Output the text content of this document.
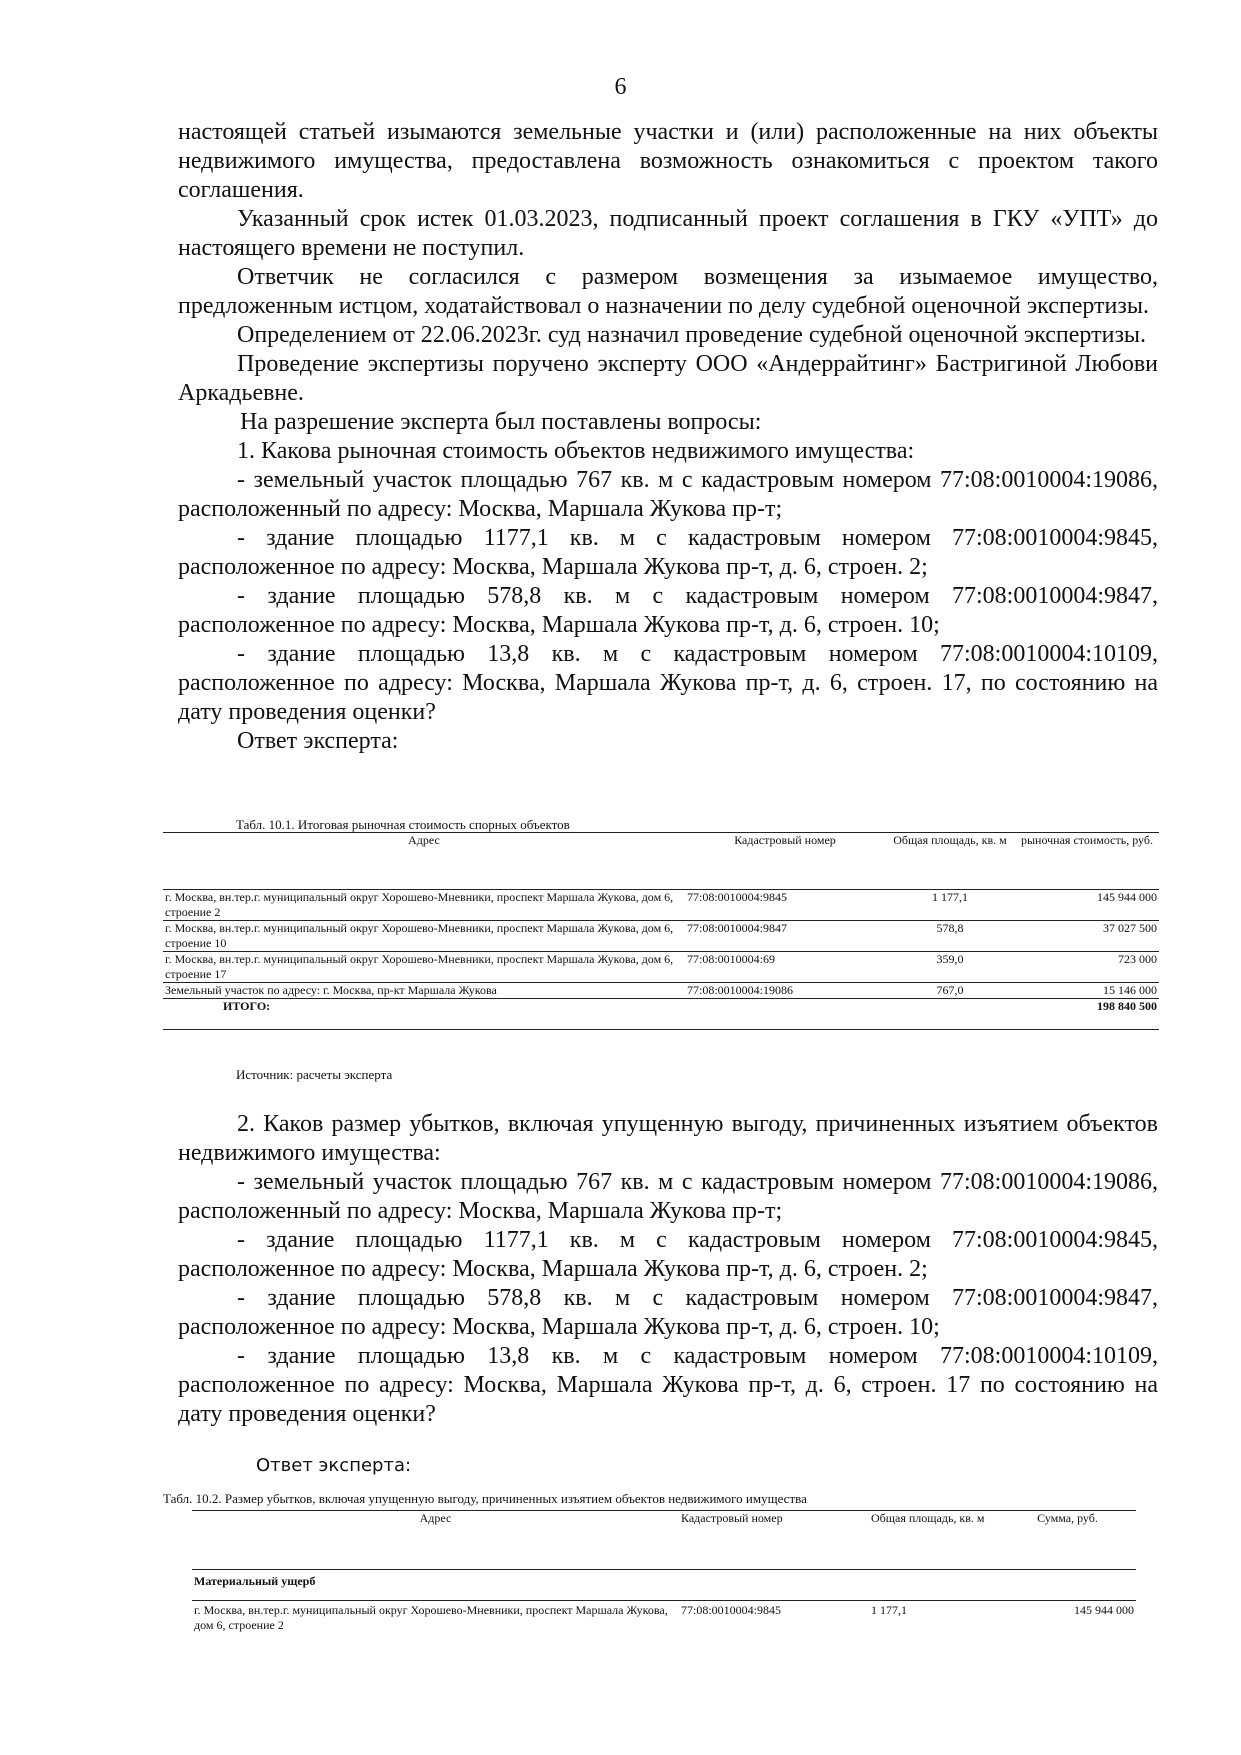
6

настоящей статьей изымаются земельные участки и (или) расположенные на них объекты недвижимого имущества, предоставлена возможность ознакомиться с проектом такого соглашения.

Указанный срок истек 01.03.2023, подписанный проект соглашения в ГКУ «УПТ» до настоящего времени не поступил.

Ответчик не согласился с размером возмещения за изымаемое имущество, предложенным истцом, ходатайствовал о назначении по делу судебной оценочной экспертизы.

Определением от 22.06.2023г. суд назначил проведение судебной оценочной экспертизы.

Проведение экспертизы поручено эксперту ООО «Андеррайтинг» Бастригиной Любови Аркадьевне.

На разрешение эксперта был поставлены вопросы:

1. Какова рыночная стоимость объектов недвижимого имущества:

- земельный участок площадью 767 кв. м с кадастровым номером 77:08:0010004:19086, расположенный по адресу: Москва, Маршала Жукова пр-т;

- здание площадью 1177,1 кв. м с кадастровым номером 77:08:0010004:9845, расположенное по адресу: Москва, Маршала Жукова пр-т, д. 6, строен. 2;

- здание площадью 578,8 кв. м с кадастровым номером 77:08:0010004:9847, расположенное по адресу: Москва, Маршала Жукова пр-т, д. 6, строен. 10;

- здание площадью 13,8 кв. м с кадастровым номером 77:08:0010004:10109, расположенное по адресу: Москва, Маршала Жукова пр-т, д. 6, строен. 17, по состоянию на дату проведения оценки?

Ответ эксперта:

Табл. 10.1. Итоговая рыночная стоимость спорных объектов
Адрес	Кадастровый номер	Общая площадь, кв. м	рыночная стоимость, руб.
г. Москва, вн.тер.г. муниципальный округ Хорошево-Мневники, проспект Маршала Жукова, дом 6, строение 2	77:08:0010004:9845	1 177,1	145 944 000
г. Москва, вн.тер.г. муниципальный округ Хорошево-Мневники, проспект Маршала Жукова, дом 6, строение 10	77:08:0010004:9847	578,8	37 027 500
г. Москва, вн.тер.г. муниципальный округ Хорошево-Мневники, проспект Маршала Жукова, дом 6, строение 17	77:08:0010004:69	359,0	723 000
Земельный участок по адресу: г. Москва, пр-кт Маршала Жукова	77:08:0010004:19086	767,0	15 146 000
ИТОГО:			198 840 500
Источник: расчеты эксперта

2. Каков размер убытков, включая упущенную выгоду, причиненных изъятием объектов недвижимого имущества:

- земельный участок площадью 767 кв. м с кадастровым номером 77:08:0010004:19086, расположенный по адресу: Москва, Маршала Жукова пр-т;

- здание площадью 1177,1 кв. м с кадастровым номером 77:08:0010004:9845, расположенное по адресу: Москва, Маршала Жукова пр-т, д. 6, строен. 2;

- здание площадью 578,8 кв. м с кадастровым номером 77:08:0010004:9847, расположенное по адресу: Москва, Маршала Жукова пр-т, д. 6, строен. 10;

- здание площадью 13,8 кв. м с кадастровым номером 77:08:0010004:10109, расположенное по адресу: Москва, Маршала Жукова пр-т, д. 6, строен. 17 по состоянию на дату проведения оценки?

Ответ эксперта:
Табл. 10.2. Размер убытков, включая упущенную выгоду, причиненных изъятием объектов недвижимого имущества
Адрес	Кадастровый номер	Общая площадь, кв. м	Сумма, руб.
Материальный ущерб			
г. Москва, вн.тер.г. муниципальный округ Хорошево-Мневники, проспект Маршала Жукова, дом 6, строение 2	77:08:0010004:9845	1 177,1	145 944 000
